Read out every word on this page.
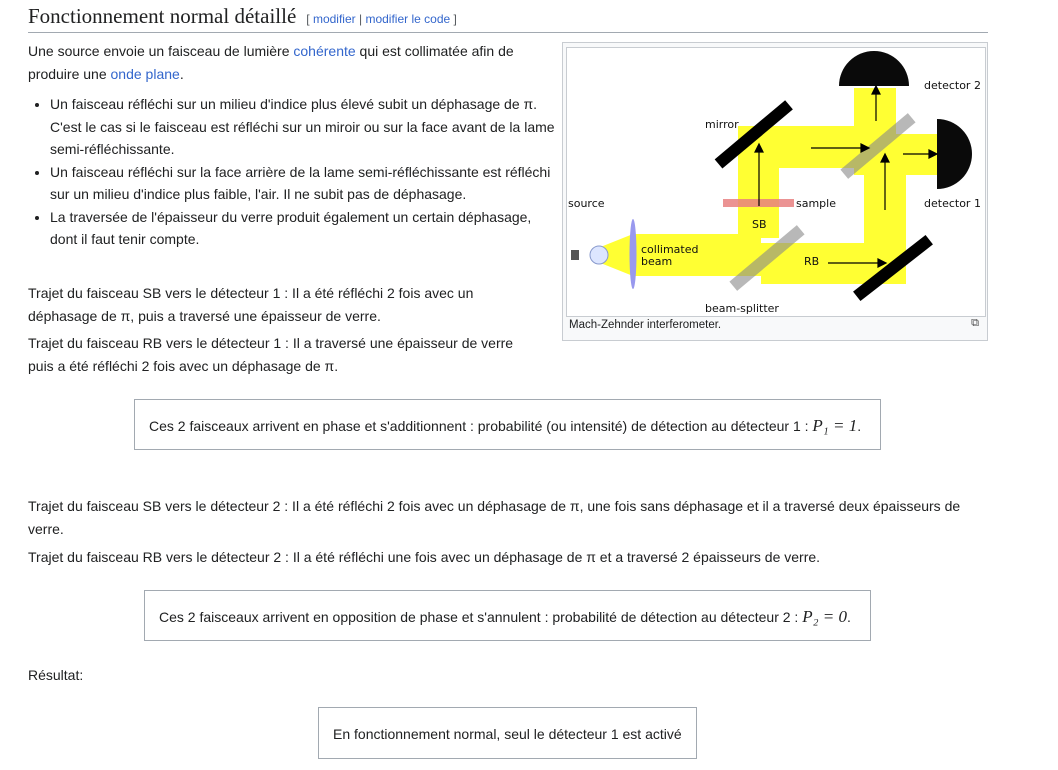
Fonctionnement normal détaillé [ modifier | modifier le code ]
Une source envoie un faisceau de lumière cohérente qui est collimatée afin de produire une onde plane.
• Un faisceau réfléchi sur un milieu d'indice plus élevé subit un déphasage de π. C'est le cas si le faisceau est réfléchi sur un miroir ou sur la face avant de la lame semi-réfléchissante.
• Un faisceau réfléchi sur la face arrière de la lame semi-réfléchissante est réfléchi sur un milieu d'indice plus faible, l'air. Il ne subit pas de déphasage.
• La traversée de l'épaisseur du verre produit également un certain déphasage, dont il faut tenir compte.
Trajet du faisceau SB vers le détecteur 1 : Il a été réfléchi 2 fois avec un déphasage de π, puis a traversé une épaisseur de verre.
Trajet du faisceau RB vers le détecteur 1 : Il a traversé une épaisseur de verre puis a été réfléchi 2 fois avec un déphasage de π.
detector 2
mirror
source	sample	detector 1
SB
collimated
beam	RB
beam-splitter
Mach-Zehnder interferometer.	⧉
Ces 2 faisceaux arrivent en phase et s'additionnent : probabilité (ou intensité) de détection au détecteur 1 : P₁ = 1.
Trajet du faisceau SB vers le détecteur 2 : Il a été réfléchi 2 fois avec un déphasage de π, une fois sans déphasage et il a traversé deux épaisseurs de verre.
Trajet du faisceau RB vers le détecteur 2 : Il a été réfléchi une fois avec un déphasage de π et a traversé 2 épaisseurs de verre.
Ces 2 faisceaux arrivent en opposition de phase et s'annulent : probabilité de détection au détecteur 2 : P₂ = 0.
Résultat:
En fonctionnement normal, seul le détecteur 1 est activé
